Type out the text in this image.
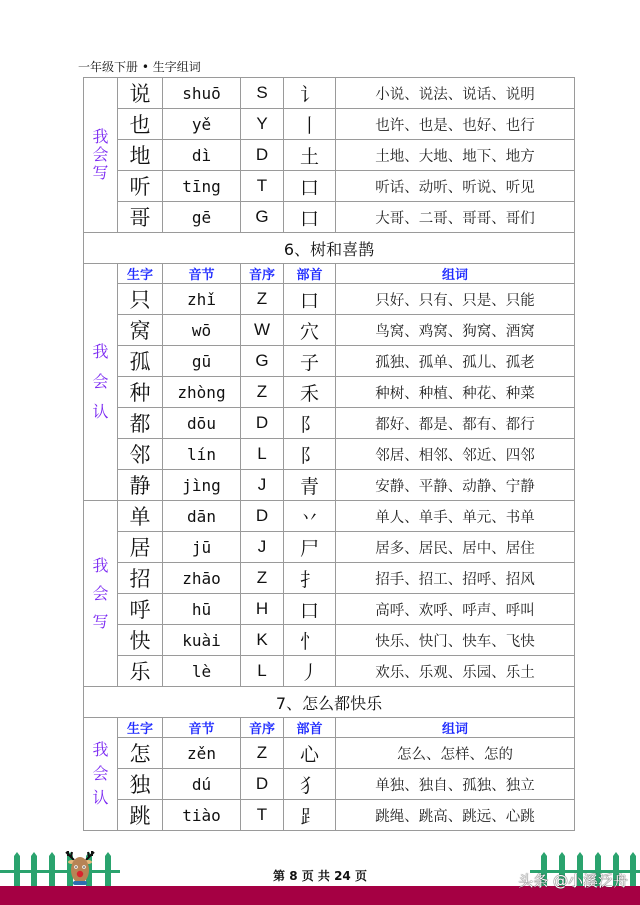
一年级下册 • 生字组词
我
会
写	说	shuō	S	讠	小说、说法、说话、说明
	也	yě	Y	丨	也许、也是、也好、也行
	地	dì	D	土	土地、大地、地下、地方
	听	tīng	T	口	听话、动听、听说、听见
	哥	gē	G	口	大哥、二哥、哥哥、哥们
6、树和喜鹊					

我
会
认	生字	音节	音序	部首	组词
	只	zhǐ	Z	口	只好、只有、只是、只能
	窝	wō	W	穴	鸟窝、鸡窝、狗窝、酒窝
	孤	gū	G	子	孤独、孤单、孤儿、孤老
	种	zhòng	Z	禾	种树、种植、种花、种菜
	都	dōu	D	阝	都好、都是、都有、都行
	邻	lín	L	阝	邻居、相邻、邻近、四邻
	静	jìng	J	青	安静、平静、动静、宁静

我
会
写	单	dān	D	丷	单人、单手、单元、书单
	居	jū	J	尸	居多、居民、居中、居住
	招	zhāo	Z	扌	招手、招工、招呼、招风
	呼	hū	H	口	高呼、欢呼、呼声、呼叫
	快	kuài	K	忄	快乐、快门、快车、飞快
	乐	lè	L	丿	欢乐、乐观、乐园、乐土
7、怎么都快乐					

我
会
认	生字	音节	音序	部首	组词
	怎	zěn	Z	心	怎么、怎样、怎的
	独	dú	D	犭	单独、独自、孤独、独立
	跳	tiào	T	⻊	跳绳、跳高、跳远、心跳
第 8 页 共 24 页	头条 @小溪泛舟
